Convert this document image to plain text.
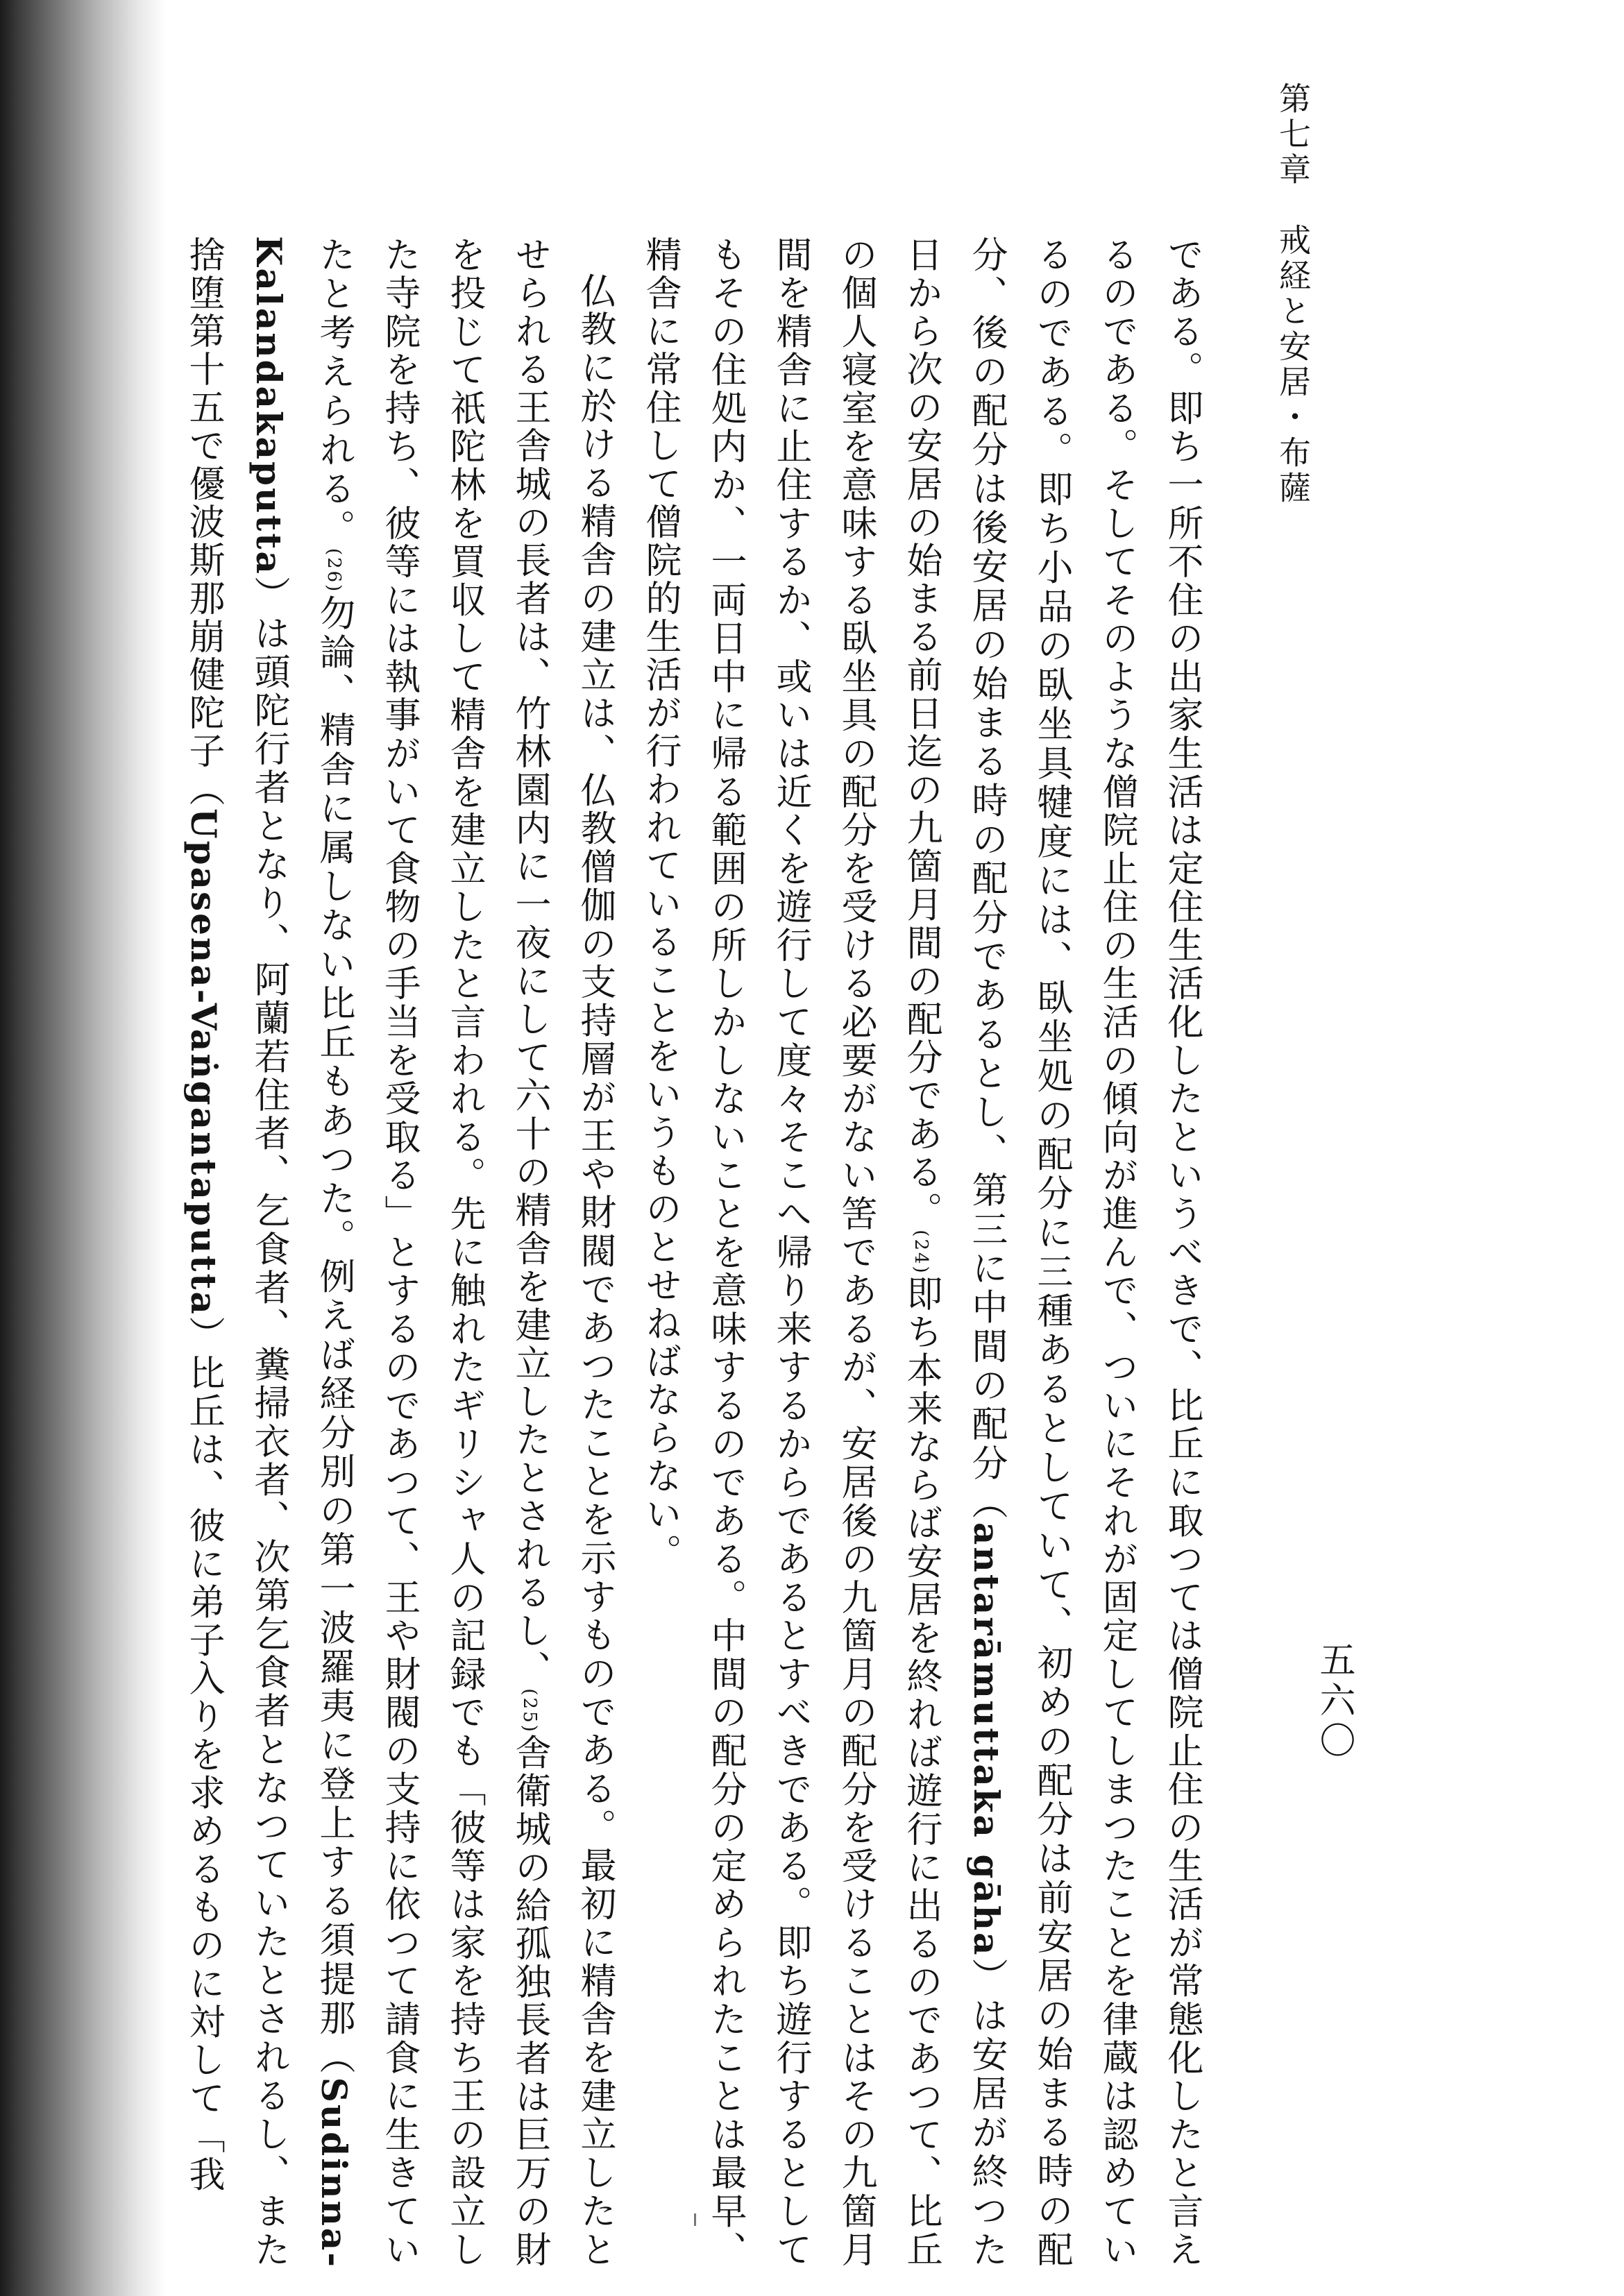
第七章　戒経と安居・布薩
五六〇

である。即ち一所不住の出家生活は定住生活化したというべきで、比丘に取つては僧院止住の生活が常態化したと言えるのである。そしてそのような僧院止住の生活の傾向が進んで、ついにそれが固定してしまつたことを律蔵は認めているのである。即ち小品の臥坐具犍度には、臥坐処の配分に三種あるとしていて、初めの配分は前安居の始まる時の配分、後の配分は後安居の始まる時の配分であるとし、第三に中間の配分（antarāmuttaka gāha）は安居が終つた日から次の安居の始まる前日迄の九箇月間の配分である。(24)即ち本来ならば安居を終れば遊行に出るのであつて、比丘の個人寝室を意味する臥坐具の配分を受ける必要がない筈であるが、安居後の九箇月の配分を受けることはその九箇月間を精舎に止住するか、或いは近くを遊行して度々そこへ帰り来するからであるとすべきである。即ち遊行するとしてもその住処内か、一両日中に帰る範囲の所しかしないことを意味するのである。中間の配分の定められたことは最早、精舎に常住して僧院的生活が行われていることをいうものとせねばならない。

仏教に於ける精舎の建立は、仏教僧伽の支持層が王や財閥であつたことを示すものである。最初に精舎を建立したとせられる王舎城の長者は、竹林園内に一夜にして六十の精舎を建立したとされるし、(25)舎衛城の給孤独長者は巨万の財を投じて祇陀林を買収して精舎を建立したと言われる。先に触れたギリシャ人の記録でも「彼等は家を持ち王の設立した寺院を持ち、彼等には執事がいて食物の手当を受取る」とするのであつて、王や財閥の支持に依つて請食に生きていたと考えられる。(26)勿論、精舎に属しない比丘もあつた。例えば経分別の第一波羅夷に登上する須提那（Sudinna-Kalandakaputta）は頭陀行者となり、阿蘭若住者、乞食者、糞掃衣者、次第乞食者となつていたとされるし、また捨堕第十五で優波斯那崩健陀子（Upasena-Vaṅgantaputta）比丘は、彼に弟子入りを求めるものに対して「我
